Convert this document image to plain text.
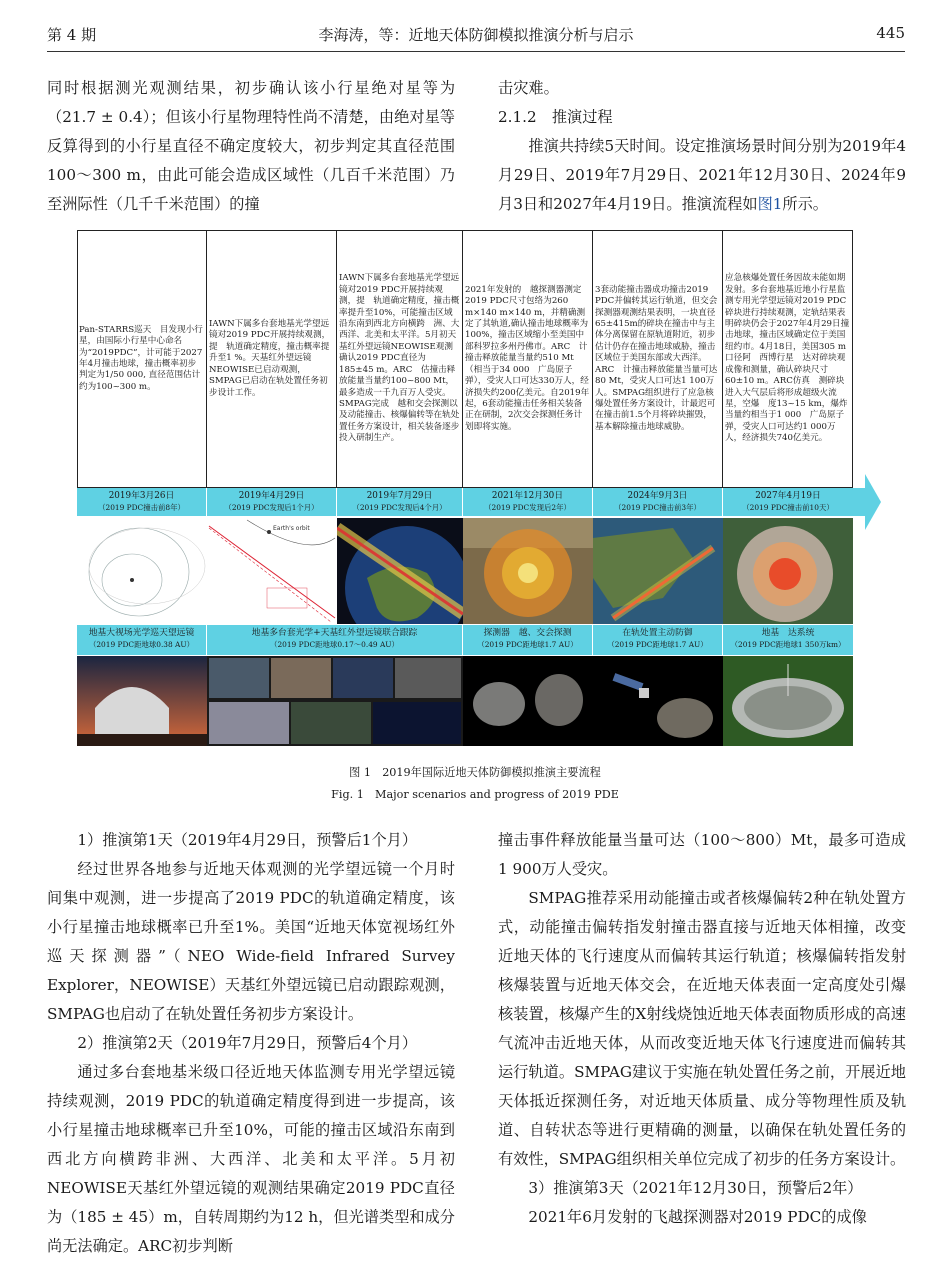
第 4 期	李海涛，等：近地天体防御模拟推演分析与启示	445

同时根据测光观测结果，初步确认该小行星绝对星等为（21.7 ± 0.4）；但该小行星物理特性尚不清楚，由绝对星等反算得到的小行星直径不确定度较大，初步判定其直径范围100～300 m，由此可能会造成区域性（几百千米范围）乃至洲际性（几千千米范围）的撞

击灾难。

2.1.2　推演过程

推演共持续5天时间。设定推演场景时间分别为2019年4月29日、2019年7月29日、2021年12月30日、2024年9月3日和2027年4月19日。推演流程如图1所示。

Pan-STARRS巡天　目发现小行星，由国际小行星中心命名为“2019PDC”，计可能于2027年4月撞击地球，撞击概率初步判定为1/50 000, 直径范围估计约为100~300 m。
IAWN下属多台套地基光学望远镜对2019 PDC开展持续观测，提　轨道确定精度，撞击概率提升至1 %。天基红外望远镜NEOWISE已启动观测，SMPAG已启动在轨处置任务初步设计工作。
IAWN下属多台套地基光学望远镜对2019 PDC开展持续观测，提　轨道确定精度，撞击概率提升至10%，可能撞击区域沿东南到西北方向横跨　洲、大西洋、北美和太平洋。5月初天基红外望远镜NEOWISE观测确认2019 PDC直径为185±45 m。ARC　估撞击释放能量当量约100~800 Mt，最多造成一千九百万人受灾。SMPAG完成　越和交会探测以及动能撞击、核爆偏转等在轨处置任务方案设计，相关装备逐步投入研制生产。
2021年发射的　越探测器测定2019 PDC尺寸包络为260 m×140 m×140 m，并精确测定了其轨道,确认撞击地球概率为100%，撞击区域缩小至美国中部科罗拉多州丹佛市。ARC　计撞击释放能量当量约510 Mt（相当于34 000　广岛原子弹），受灾人口可达330万人，经济损失约200亿美元。自2019年起，6套动能撞击任务相关装备正在研制，2次交会探测任务计划即将实施。
3套动能撞击器成功撞击2019 PDC并偏转其运行轨道，但交会探测器观测结果表明，一块直径65±415m的碎块在撞击中与主体分离保留在原轨道附近，初步估计仍存在撞击地球威胁，撞击区域位于美国东部或大西洋。ARC　计撞击释放能量当量可达80 Mt，受灾人口可达1 100万人。SMPAG组织进行了应急核爆处置任务方案设计，计最迟可在撞击前1.5个月将碎块摧毁，基本解除撞击地球威胁。
应急核爆处置任务因故未能如期发射。多台套地基近地小行星监测专用光学望远镜对2019 PDC碎块进行持续观测，定轨结果表明碎块仍会于2027年4月29日撞击地球，撞击区域确定位于美国纽约市。4月18日，美国305 m口径阿　西博行星　达对碎块观成像和测量，确认碎块尺寸60±10 m。ARC仿真　测碎块进入大气层后将形成超级火流星，空爆　度13~15 km，爆炸当量约相当于1 000　广岛原子弹，受灾人口可达约1 000万人，经济损失740亿美元。
2019年3月26日
（2019 PDC撞击前8年）
2019年4月29日
（2019 PDC发现后1个月）
2019年7月29日
（2019 PDC发现后4个月）
2021年12月30日
（2019 PDC发现后2年）
2024年9月3日
（2019 PDC撞击前3年）
2027年4月19日
（2019 PDC撞击前10天）
Earth's orbit
地基大视场光学巡天望远镜
（2019 PDC距地球0.38 AU）
地基多台套光学+天基红外望远镜联合跟踪
（2019 PDC距地球0.17～0.49 AU）
探测器　越、交会探测
（2019 PDC距地球1.7 AU）
在轨处置主动防御
（2019 PDC距地球1.7 AU）
地基　达系统
（2019 PDC距地球1 350万km）
图 1　2019年国际近地天体防御模拟推演主要流程
Fig. 1　Major scenarios and progress of 2019 PDE

1）推演第1天（2019年4月29日，预警后1个月）

经过世界各地参与近地天体观测的光学望远镜一个月时间集中观测，进一步提高了2019 PDC的轨道确定精度，该小行星撞击地球概率已升至1%。美国“近地天体宽视场红外巡天探测器”（NEO Wide-field Infrared Survey Explorer，NEOWISE）天基红外望远镜已启动跟踪观测，SMPAG也启动了在轨处置任务初步方案设计。

2）推演第2天（2019年7月29日，预警后4个月）

通过多台套地基米级口径近地天体监测专用光学望远镜持续观测，2019 PDC的轨道确定精度得到进一步提高，该小行星撞击地球概率已升至10%，可能的撞击区域沿东南到西北方向横跨非洲、大西洋、北美和太平洋。5月初NEOWISE天基红外望远镜的观测结果确定2019 PDC直径为（185 ± 45）m，自转周期约为12 h，但光谱类型和成分尚无法确定。ARC初步判断

撞击事件释放能量当量可达（100～800）Mt，最多可造成1 900万人受灾。

SMPAG推荐采用动能撞击或者核爆偏转2种在轨处置方式，动能撞击偏转指发射撞击器直接与近地天体相撞，改变近地天体的飞行速度从而偏转其运行轨道；核爆偏转指发射核爆装置与近地天体交会，在近地天体表面一定高度处引爆核装置，核爆产生的X射线烧蚀近地天体表面物质形成的高速气流冲击近地天体，从而改变近地天体飞行速度进而偏转其运行轨道。SMPAG建议于实施在轨处置任务之前，开展近地天体抵近探测任务，对近地天体质量、成分等物理性质及轨道、自转状态等进行更精确的测量，以确保在轨处置任务的有效性，SMPAG组织相关单位完成了初步的任务方案设计。

3）推演第3天（2021年12月30日，预警后2年）

2021年6月发射的飞越探测器对2019 PDC的成像
